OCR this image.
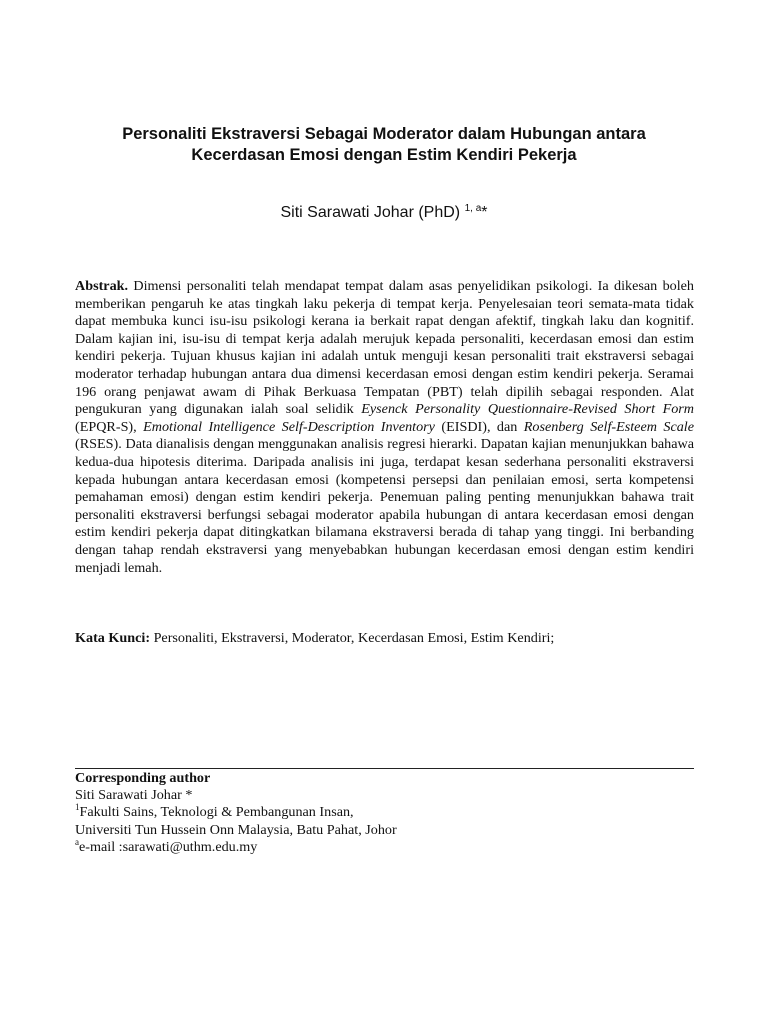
Personaliti Ekstraversi Sebagai Moderator dalam Hubungan antara
Kecerdasan Emosi dengan Estim Kendiri Pekerja

Siti Sarawati Johar (PhD) $^{1, a}$*

Abstrak. Dimensi personaliti telah mendapat tempat dalam asas penyelidikan psikologi. Ia dikesan boleh memberikan pengaruh ke atas tingkah laku pekerja di tempat kerja. Penyelesaian teori semata-mata tidak dapat membuka kunci isu-isu psikologi kerana ia berkait rapat dengan afektif, tingkah laku dan kognitif. Dalam kajian ini, isu-isu di tempat kerja adalah merujuk kepada personaliti, kecerdasan emosi dan estim kendiri pekerja. Tujuan khusus kajian ini adalah untuk menguji kesan personaliti trait ekstraversi sebagai moderator terhadap hubungan antara dua dimensi kecerdasan emosi dengan estim kendiri pekerja. Seramai 196 orang penjawat awam di Pihak Berkuasa Tempatan (PBT) telah dipilih sebagai responden. Alat pengukuran yang digunakan ialah soal selidik Eysenck Personality Questionnaire-Revised Short Form (EPQR-S), Emotional Intelligence Self-Description Inventory (EISDI), dan Rosenberg Self-Esteem Scale (RSES). Data dianalisis dengan menggunakan analisis regresi hierarki. Dapatan kajian menunjukkan bahawa kedua-dua hipotesis diterima. Daripada analisis ini juga, terdapat kesan sederhana personaliti ekstraversi kepada hubungan antara kecerdasan emosi (kompetensi persepsi dan penilaian emosi, serta kompetensi pemahaman emosi) dengan estim kendiri pekerja. Penemuan paling penting menunjukkan bahawa trait personaliti ekstraversi berfungsi sebagai moderator apabila hubungan di antara kecerdasan emosi dengan estim kendiri pekerja dapat ditingkatkan bilamana ekstraversi berada di tahap yang tinggi. Ini berbanding dengan tahap rendah ekstraversi yang menyebabkan hubungan kecerdasan emosi dengan estim kendiri menjadi lemah.

Kata Kunci: Personaliti, Ekstraversi, Moderator, Kecerdasan Emosi, Estim Kendiri;

Corresponding author
Siti Sarawati Johar *
$^1$Fakulti Sains, Teknologi & Pembangunan Insan,
Universiti Tun Hussein Onn Malaysia, Batu Pahat, Johor
$^a$e-mail :sarawati@uthm.edu.my
